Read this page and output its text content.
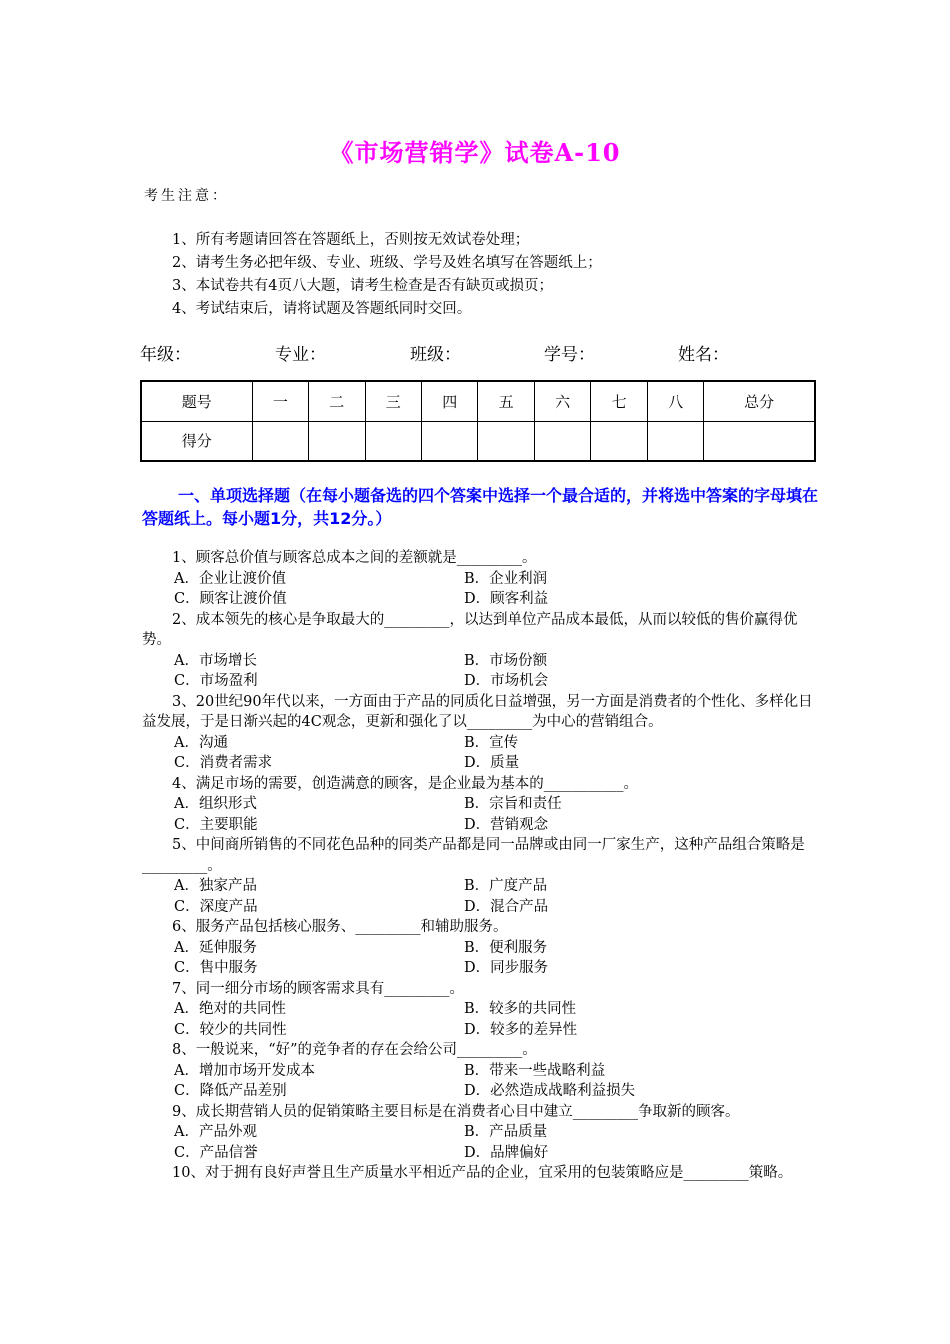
《市场营销学》试卷A-10
考生注意：
1、所有考题请回答在答题纸上，否则按无效试卷处理；
2、请考生务必把年级、专业、班级、学号及姓名填写在答题纸上；
3、本试卷共有4页八大题，请考生检查是否有缺页或损页；
4、考试结束后，请将试题及答题纸同时交回。
年级：	专业：	班级：	学号：	姓名：
题号	一	二	三	四	五	六	七	八	总分
得分									
一、单项选择题（在每小题备选的四个答案中选择一个最合适的，并将选中答案的字母填在答题纸上。每小题1分，共12分。）
1、顾客总价值与顾客总成本之间的差额就是_________。
A．企业让渡价值	B．企业利润
C．顾客让渡价值	D．顾客利益
2、成本领先的核心是争取最大的_________，以达到单位产品成本最低，从而以较低的售价赢得优势。
A．市场增长	B．市场份额
C．市场盈利	D．市场机会
3、20世纪90年代以来，一方面由于产品的同质化日益增强，另一方面是消费者的个性化、多样化日益发展，于是日渐兴起的4C观念，更新和强化了以_________为中心的营销组合。
A．沟通	B．宣传
C．消费者需求	D．质量
4、满足市场的需要，创造满意的顾客，是企业最为基本的___________。
A．组织形式	B．宗旨和责任
C．主要职能	D．营销观念
5、中间商所销售的不同花色品种的同类产品都是同一品牌或由同一厂家生产，这种产品组合策略是_________。
A．独家产品	B．广度产品
C．深度产品	D．混合产品
6、服务产品包括核心服务、_________和辅助服务。
A．延伸服务	B．便利服务
C．售中服务	D．同步服务
7、同一细分市场的顾客需求具有_________。
A．绝对的共同性	B．较多的共同性
C．较少的共同性	D．较多的差异性
8、一般说来，“好”的竞争者的存在会给公司_________。
A．增加市场开发成本	B．带来一些战略利益
C．降低产品差别	D．必然造成战略利益损失
9、成长期营销人员的促销策略主要目标是在消费者心目中建立_________争取新的顾客。
A．产品外观	B．产品质量
C．产品信誉	D．品牌偏好
10、对于拥有良好声誉且生产质量水平相近产品的企业，宜采用的包装策略应是_________策略。
